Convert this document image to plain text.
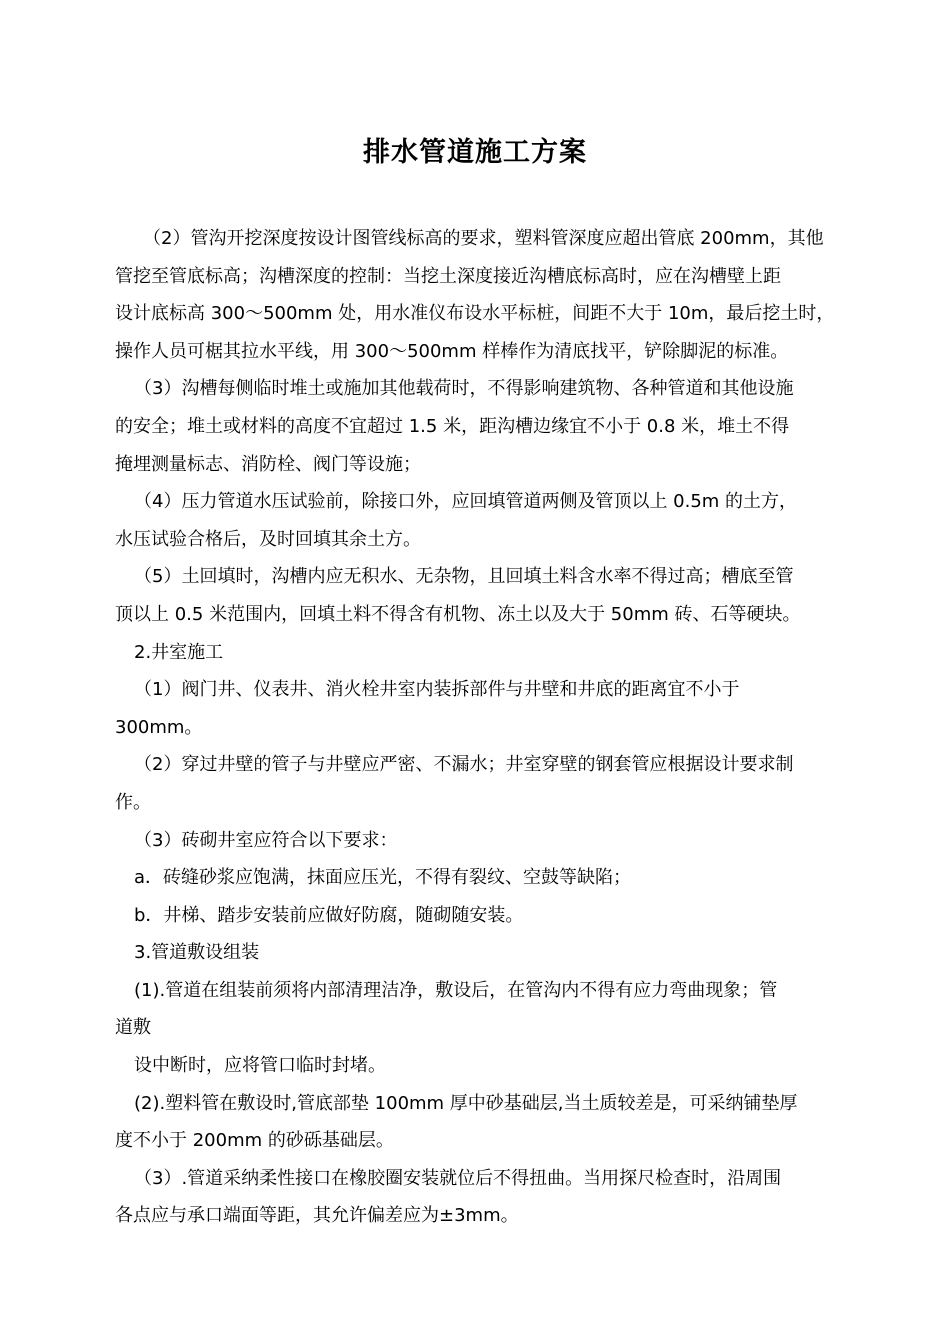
排水管道施工方案
（2）管沟开挖深度按设计图管线标高的要求，塑料管深度应超出管底 200mm，其他
管挖至管底标高；沟槽深度的控制：当挖土深度接近沟槽底标高时，应在沟槽壁上距
设计底标高 300～500mm 处，用水准仪布设水平标桩，间距不大于 10m，最后挖土时，
操作人员可椐其拉水平线，用 300～500mm 样棒作为清底找平，铲除脚泥的标准。
（3）沟槽每侧临时堆土或施加其他载荷时，不得影响建筑物、各种管道和其他设施
的安全；堆土或材料的高度不宜超过 1.5 米，距沟槽边缘宜不小于 0.8 米，堆土不得
掩埋测量标志、消防栓、阀门等设施；
（4）压力管道水压试验前，除接口外，应回填管道两侧及管顶以上 0.5m 的土方，
水压试验合格后，及时回填其余土方。
（5）土回填时，沟槽内应无积水、无杂物，且回填土料含水率不得过高；槽底至管
顶以上 0.5 米范围内，回填土料不得含有机物、冻土以及大于 50mm 砖、石等硬块。
2.井室施工
（1）阀门井、仪表井、消火栓井室内装拆部件与井壁和井底的距离宜不小于
300mm。
（2）穿过井壁的管子与井壁应严密、不漏水；井室穿壁的钢套管应根据设计要求制
作。
（3）砖砌井室应符合以下要求：
a．砖缝砂浆应饱满，抹面应压光，不得有裂纹、空鼓等缺陷；
b．井梯、踏步安装前应做好防腐，随砌随安装。
3.管道敷设组装
(1).管道在组装前须将内部清理洁净，敷设后，在管沟内不得有应力弯曲现象；管
道敷
设中断时，应将管口临时封堵。
(2).塑料管在敷设时,管底部垫 100mm 厚中砂基础层,当土质较差是，可采纳铺垫厚
度不小于 200mm 的砂砾基础层。
（3）.管道采纳柔性接口在橡胶圈安装就位后不得扭曲。当用探尺检查时，沿周围
各点应与承口端面等距，其允许偏差应为±3mm。
